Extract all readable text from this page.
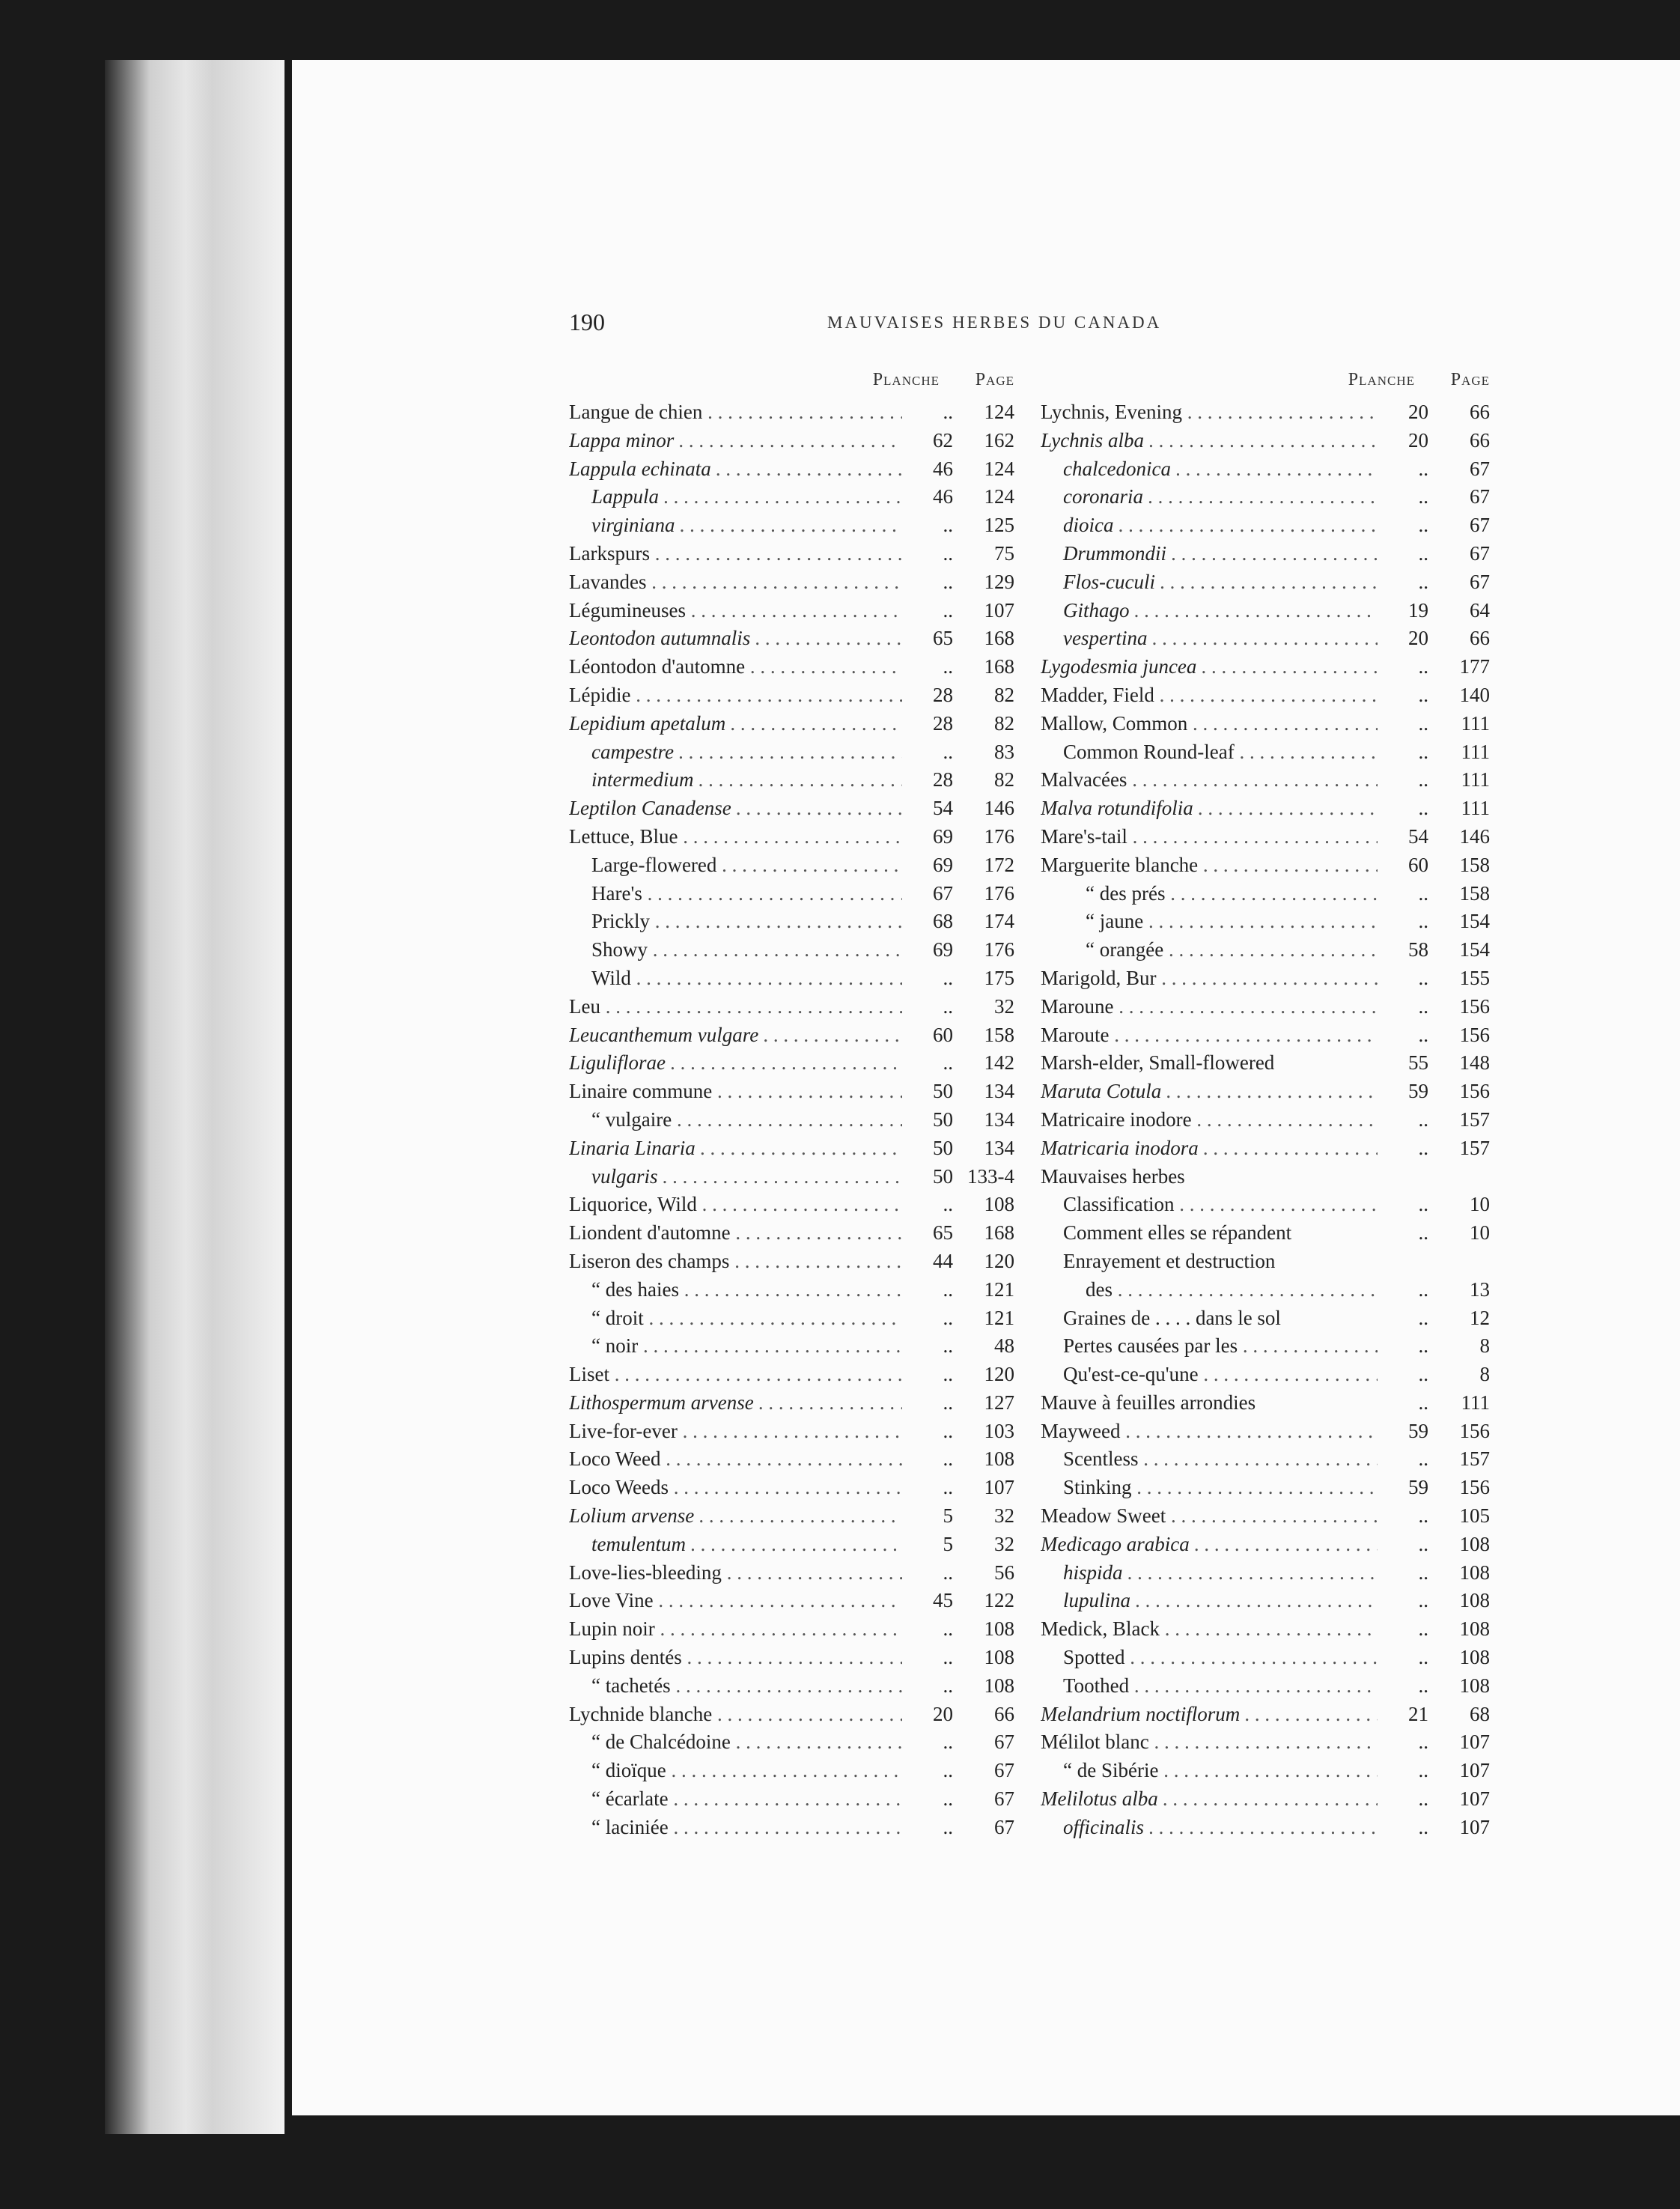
190	MAUVAISES HERBES DU CANADA
Planche	Page
Langue de chien . . .	..	124
Lappa minor . . .	62	162
Lappula echinata . . .	46	124
Lappula . . .	46	124
virginiana . . .	..	125
Larkspurs . . .	..	75
Lavandes . . .	..	129
Légumineuses . . .	..	107
Leontodon autumnalis . . .	65	168
Léontodon d'automne . . .	..	168
Lépidie . . .	28	82
Lepidium apetalum . . .	28	82
campestre . . .	..	83
intermedium . . .	28	82
Leptilon Canadense . . .	54	146
Lettuce, Blue . . .	69	176
Large-flowered . . .	69	172
Hare's . . .	67	176
Prickly . . .	68	174
Showy . . .	69	176
Wild . . .	..	175
Leu . . .	..	32
Leucanthemum vulgare . . .	60	158
Liguliflorae . . .	..	142
Linaire commune . . .	50	134
“ vulgaire . . .	50	134
Linaria Linaria . . .	50	134
vulgaris . . .	50 133-4
Liquorice, Wild . . .	..	108
Liondent d'automne . . .	65	168
Liseron des champs . . .	44	120
“ des haies . . .	..	121
“ droit . . .	..	121
“ noir . . .	..	48
Liset . . .	..	120
Lithospermum arvense . . .	..	127
Live-for-ever . . .	..	103
Loco Weed . . .	..	108
Loco Weeds . . .	..	107
Lolium arvense . . .	5	32
temulentum . . .	5	32
Love-lies-bleeding . . .	..	56
Love Vine . . .	45	122
Lupin noir . . .	..	108
Lupins dentés . . .	..	108
“ tachetés . . .	..	108
Lychnide blanche . . .	20	66
“ de Chalcédoine . . .	..	67
“ dioïque . . .	..	67
“ écarlate . . .	..	67
“ laciniée . . .	..	67
Planche	Page
Lychnis, Evening . . .	20	66
Lychnis alba . . .	20	66
chalcedonica . . .	..	67
coronaria . . .	..	67
dioica . . .	..	67
Drummondii . . .	..	67
Flos-cuculi . . .	..	67
Githago . . .	19	64
vespertina . . .	20	66
Lygodesmia juncea . . .	..	177
Madder, Field . . .	..	140
Mallow, Common . . .	..	111
Common Round-leaf . . .	..	111
Malvacées . . .	..	111
Malva rotundifolia . . .	..	111
Mare's-tail . . .	54	146
Marguerite blanche . . .	60	158
“ des prés . . .	..	158
“ jaune . . .	..	154
“ orangée . . .	58	154
Marigold, Bur . . .	..	155
Maroune . . .	..	156
Maroute . . .	..	156
Marsh-elder, Small-flowered	55	148
Maruta Cotula . . .	59	156
Matricaire inodore . . .	..	157
Matricaria inodora . . .	..	157
Mauvaises herbes
Classification . . .	..	10
Comment elles se répandent	..	10
Enrayement et destruction
des . . .	..	13
Graines de . . . . dans le sol	..	12
Pertes causées par les . . .	..	8
Qu'est-ce-qu'une . . .	..	8
Mauve à feuilles arrondies	..	111
Mayweed . . .	59	156
Scentless . . .	..	157
Stinking . . .	59	156
Meadow Sweet . . .	..	105
Medicago arabica . . .	..	108
hispida . . .	..	108
lupulina . . .	..	108
Medick, Black . . .	..	108
Spotted . . .	..	108
Toothed . . .	..	108
Melandrium noctiflorum . . .	21	68
Mélilot blanc . . .	..	107
“ de Sibérie . . .	..	107
Melilotus alba . . .	..	107
officinalis . . .	..	107
